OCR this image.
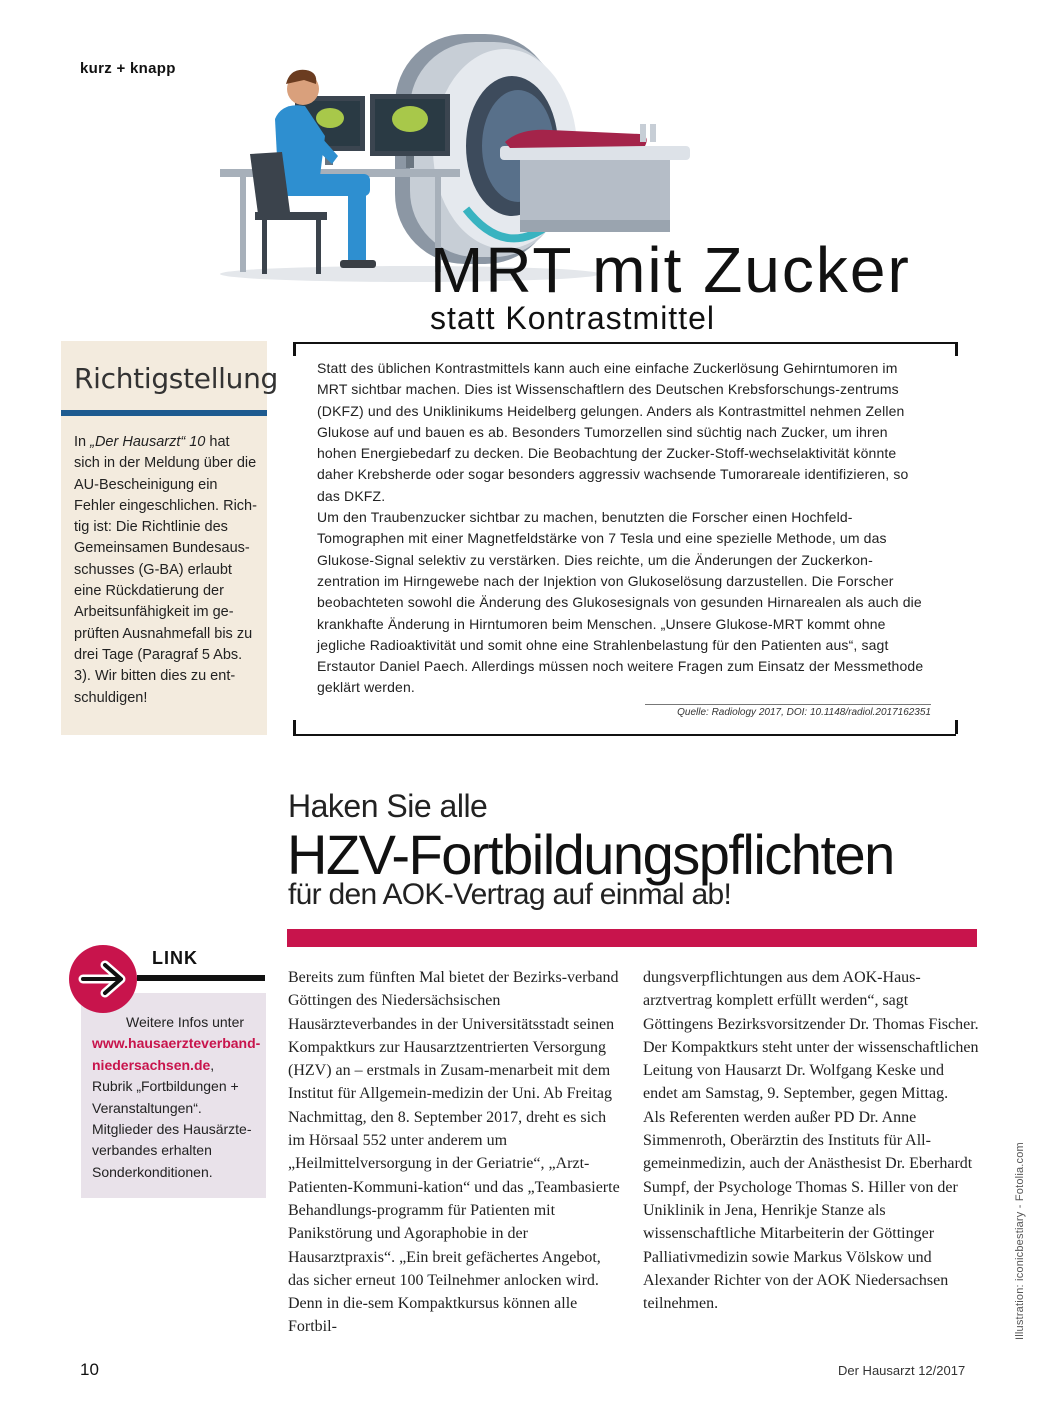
kurz + knapp
MRT mit Zucker
statt Kontrastmittel
Richtigstellung
In „Der Hausarzt“ 10 hat sich in der Meldung über die AU-Bescheinigung ein Fehler eingeschlichen. Rich-tig ist: Die Richtlinie des Gemeinsamen Bundesaus-schusses (G-BA) erlaubt eine Rückdatierung der Arbeitsunfähigkeit im ge-prüften Ausnahmefall bis zu drei Tage (Paragraf 5 Abs. 3). Wir bitten dies zu ent-schuldigen!
Statt des üblichen Kontrastmittels kann auch eine einfache Zuckerlösung Gehirntumoren im MRT sichtbar machen. Dies ist Wissenschaftlern des Deutschen Krebsforschungs-zentrums (DKFZ) und des Uniklinikums Heidelberg gelungen. Anders als Kontrastmittel nehmen Zellen Glukose auf und bauen es ab. Besonders Tumorzellen sind süchtig nach Zucker, um ihren hohen Energiebedarf zu decken. Die Beobachtung der Zucker-Stoff-wechselaktivität könnte daher Krebsherde oder sogar besonders aggressiv wachsende Tumorareale identifizieren, so das DKFZ.
Um den Traubenzucker sichtbar zu machen, benutzten die Forscher einen Hochfeld-Tomographen mit einer Magnetfeldstärke von 7 Tesla und eine spezielle Methode, um das Glukose-Signal selektiv zu verstärken. Dies reichte, um die Änderungen der Zuckerkon-zentration im Hirngewebe nach der Injektion von Glukoselösung darzustellen. Die Forscher beobachteten sowohl die Änderung des Glukosesignals von gesunden Hirnarealen als auch die krankhafte Änderung in Hirntumoren beim Menschen. „Unsere Glukose-MRT kommt ohne jegliche Radioaktivität und somit ohne eine Strahlenbelastung für den Patienten aus“, sagt Erstautor Daniel Paech. Allerdings müssen noch weitere Fragen zum Einsatz der Messmethode geklärt werden.
Quelle: Radiology 2017, DOI: 10.1148/radiol.2017162351
Haken Sie alle
HZV-Fortbildungspflichten
für den AOK-Vertrag auf einmal ab!
Bereits zum fünften Mal bietet der Bezirks-verband Göttingen des Niedersächsischen Hausärzteverbandes in der Universitätsstadt seinen Kompaktkurs zur Hausarztzentrierten Versorgung (HZV) an – erstmals in Zusam-menarbeit mit dem Institut für Allgemein-medizin der Uni. Ab Freitag Nachmittag, den 8. September 2017, dreht es sich im Hörsaal 552 unter anderem um „Heilmittelversorgung in der Geriatrie“, „Arzt-Patienten-Kommuni-kation“ und das „Teambasierte Behandlungs-programm für Patienten mit Panikstörung und Agoraphobie in der Hausarztpraxis“. „Ein breit gefächertes Angebot, das sicher erneut 100 Teilnehmer anlocken wird. Denn in die-sem Kompaktkursus können alle Fortbil-
dungsverpflichtungen aus dem AOK-Haus-arztvertrag komplett erfüllt werden“, sagt Göttingens Bezirksvorsitzender Dr. Thomas Fischer. Der Kompaktkurs steht unter der wissenschaftlichen Leitung von Hausarzt Dr. Wolfgang Keske und endet am Samstag, 9. September, gegen Mittag.
Als Referenten werden außer PD Dr. Anne Simmenroth, Oberärztin des Instituts für All-gemeinmedizin, auch der Anästhesist Dr. Eberhardt Sumpf, der Psychologe Thomas S. Hiller von der Uniklinik in Jena, Henrikje Stanze als wissenschaftliche Mitarbeiterin der Göttinger Palliativmedizin sowie Markus Völskow und Alexander Richter von der AOK Niedersachsen teilnehmen.
LINK
Weitere Infos unter www.hausaerzteverband-niedersachsen.de, Rubrik „Fortbildungen + Veranstaltungen“. Mitglieder des Hausärzte-verbandes erhalten Sonderkonditionen.	Illustration: iconicbestiary - Fotolia.com
10	Der Hausarzt 12/2017
